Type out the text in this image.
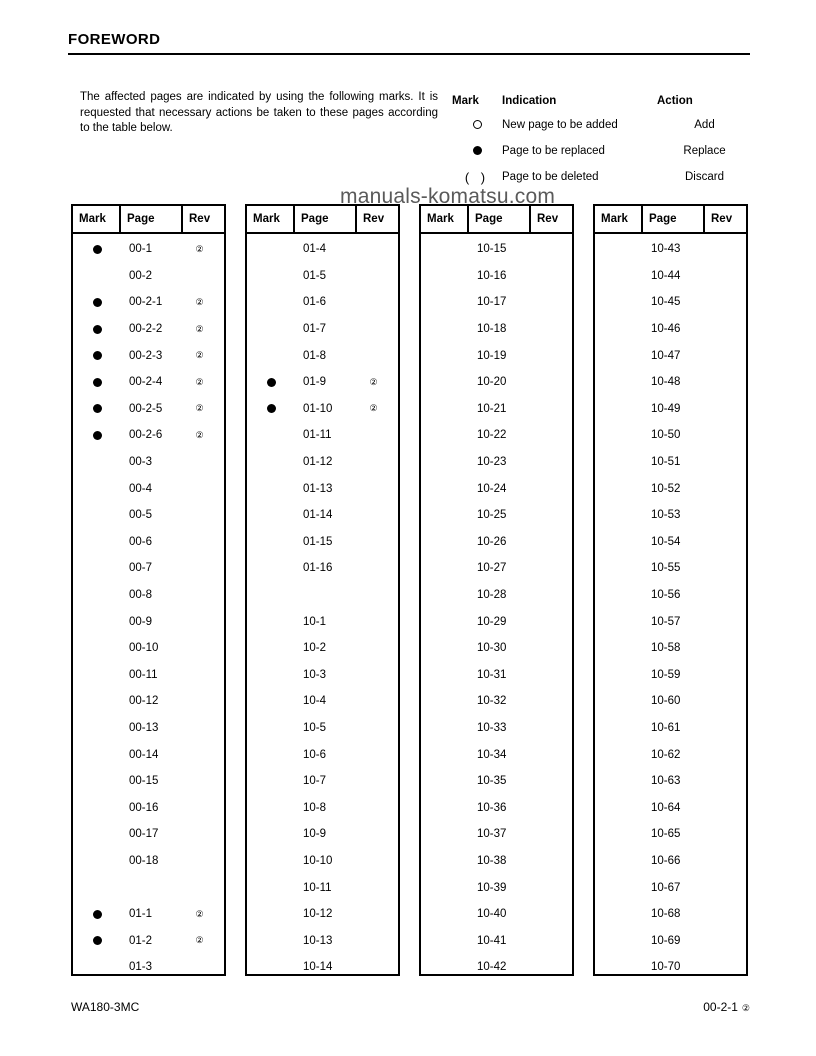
FOREWORD
The affected pages are indicated by using the following marks. It is requested that necessary actions be taken to these pages according to the table below.
Mark	Indication	Action
New page to be added	Add
Page to be replaced	Replace
( )	Page to be deleted	Discard
manuals-komatsu.com
Mark	Page	Rev
00-1	②
00-2
00-2-1	②
00-2-2	②
00-2-3	②
00-2-4	②
00-2-5	②
00-2-6	②
00-3
00-4
00-5
00-6
00-7
00-8
00-9
00-10
00-11
00-12
00-13
00-14
00-15
00-16
00-17
00-18
01-1	②
01-2	②
01-3
Mark	Page	Rev
01-4
01-5
01-6
01-7
01-8
01-9	②
01-10	②
01-11
01-12
01-13
01-14
01-15
01-16
10-1
10-2
10-3
10-4
10-5
10-6
10-7
10-8
10-9
10-10
10-11
10-12
10-13
10-14
Mark	Page	Rev
10-15
10-16
10-17
10-18
10-19
10-20
10-21
10-22
10-23
10-24
10-25
10-26
10-27
10-28
10-29
10-30
10-31
10-32
10-33
10-34
10-35
10-36
10-37
10-38
10-39
10-40
10-41
10-42
Mark	Page	Rev
10-43
10-44
10-45
10-46
10-47
10-48
10-49
10-50
10-51
10-52
10-53
10-54
10-55
10-56
10-57
10-58
10-59
10-60
10-61
10-62
10-63
10-64
10-65
10-66
10-67
10-68
10-69
10-70
WA180-3MC	00-2-1 ②
